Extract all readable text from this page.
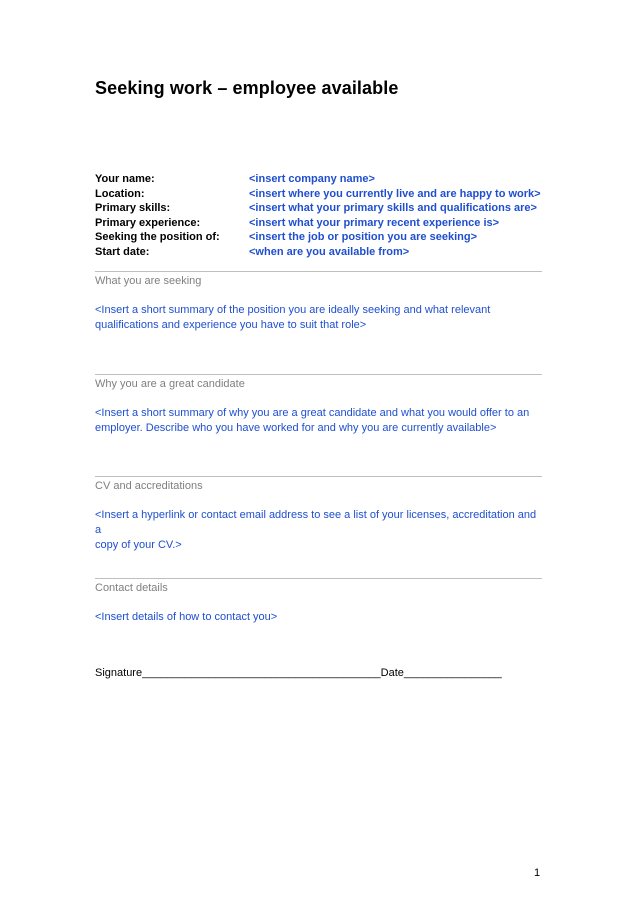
Seeking work – employee available
Your name:	<insert company name>
Location:	<insert where you currently live and are happy to work>
Primary skills:	<insert what your primary skills and qualifications are>
Primary experience:	<insert what your primary recent experience is>
Seeking the position of:	<insert the job or position you are seeking>
Start date:	<when are you available from>
What you are seeking
<Insert a short summary of the position you are ideally seeking and what relevant
qualifications and experience you have to suit that role>
Why you are a great candidate
<Insert a short summary of why you are a great candidate and what you would offer to an
employer. Describe who you have worked for and why you are currently available>
CV and accreditations
<Insert a hyperlink or contact email address to see a list of your licenses, accreditation and a
copy of your CV.>
Contact details
<Insert details of how to contact you>
Signature_______________________________________Date________________
1
